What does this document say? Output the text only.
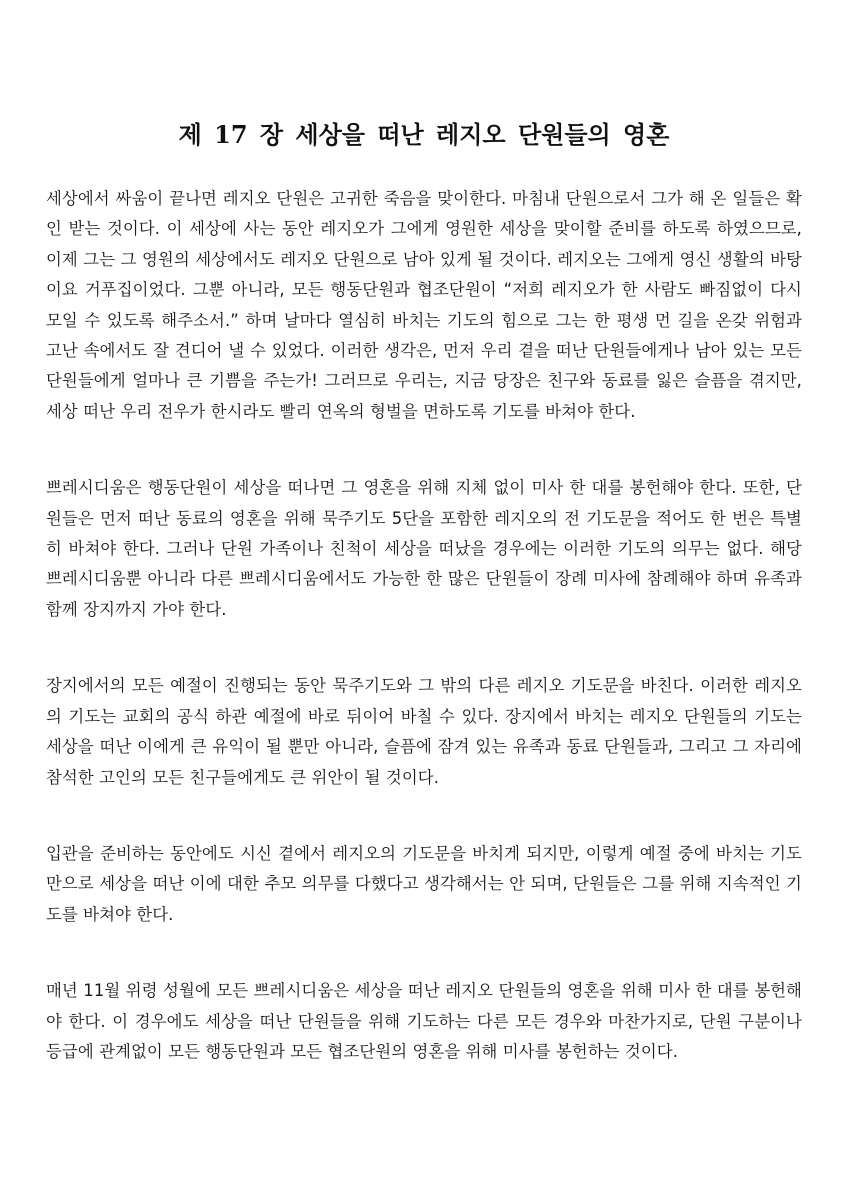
제 17 장 세상을 떠난 레지오 단원들의 영혼

세상에서 싸움이 끝나면 레지오 단원은 고귀한 죽음을 맞이한다. 마침내 단원으로서 그가 해 온 일들은 확인 받는 것이다. 이 세상에 사는 동안 레지오가 그에게 영원한 세상을 맞이할 준비를 하도록 하였으므로, 이제 그는 그 영원의 세상에서도 레지오 단원으로 남아 있게 될 것이다. 레지오는 그에게 영신 생활의 바탕이요 거푸집이었다. 그뿐 아니라, 모든 행동단원과 협조단원이 “저희 레지오가 한 사람도 빠짐없이 다시 모일 수 있도록 해주소서.” 하며 날마다 열심히 바치는 기도의 힘으로 그는 한 평생 먼 길을 온갖 위험과 고난 속에서도 잘 견디어 낼 수 있었다. 이러한 생각은, 먼저 우리 곁을 떠난 단원들에게나 남아 있는 모든 단원들에게 얼마나 큰 기쁨을 주는가! 그러므로 우리는, 지금 당장은 친구와 동료를 잃은 슬픔을 겪지만, 세상 떠난 우리 전우가 한시라도 빨리 연옥의 형벌을 면하도록 기도를 바쳐야 한다.

쁘레시디움은 행동단원이 세상을 떠나면 그 영혼을 위해 지체 없이 미사 한 대를 봉헌해야 한다. 또한, 단원들은 먼저 떠난 동료의 영혼을 위해 묵주기도 5단을 포함한 레지오의 전 기도문을 적어도 한 번은 특별히 바쳐야 한다. 그러나 단원 가족이나 친척이 세상을 떠났을 경우에는 이러한 기도의 의무는 없다. 해당 쁘레시디움뿐 아니라 다른 쁘레시디움에서도 가능한 한 많은 단원들이 장례 미사에 참례해야 하며 유족과 함께 장지까지 가야 한다.

장지에서의 모든 예절이 진행되는 동안 묵주기도와 그 밖의 다른 레지오 기도문을 바친다. 이러한 레지오의 기도는 교회의 공식 하관 예절에 바로 뒤이어 바칠 수 있다. 장지에서 바치는 레지오 단원들의 기도는 세상을 떠난 이에게 큰 유익이 될 뿐만 아니라, 슬픔에 잠겨 있는 유족과 동료 단원들과, 그리고 그 자리에 참석한 고인의 모든 친구들에게도 큰 위안이 될 것이다.

입관을 준비하는 동안에도 시신 곁에서 레지오의 기도문을 바치게 되지만, 이렇게 예절 중에 바치는 기도만으로 세상을 떠난 이에 대한 추모 의무를 다했다고 생각해서는 안 되며, 단원들은 그를 위해 지속적인 기도를 바쳐야 한다.

매년 11월 위령 성월에 모든 쁘레시디움은 세상을 떠난 레지오 단원들의 영혼을 위해 미사 한 대를 봉헌해야 한다. 이 경우에도 세상을 떠난 단원들을 위해 기도하는 다른 모든 경우와 마찬가지로, 단원 구분이나 등급에 관계없이 모든 행동단원과 모든 협조단원의 영혼을 위해 미사를 봉헌하는 것이다.
